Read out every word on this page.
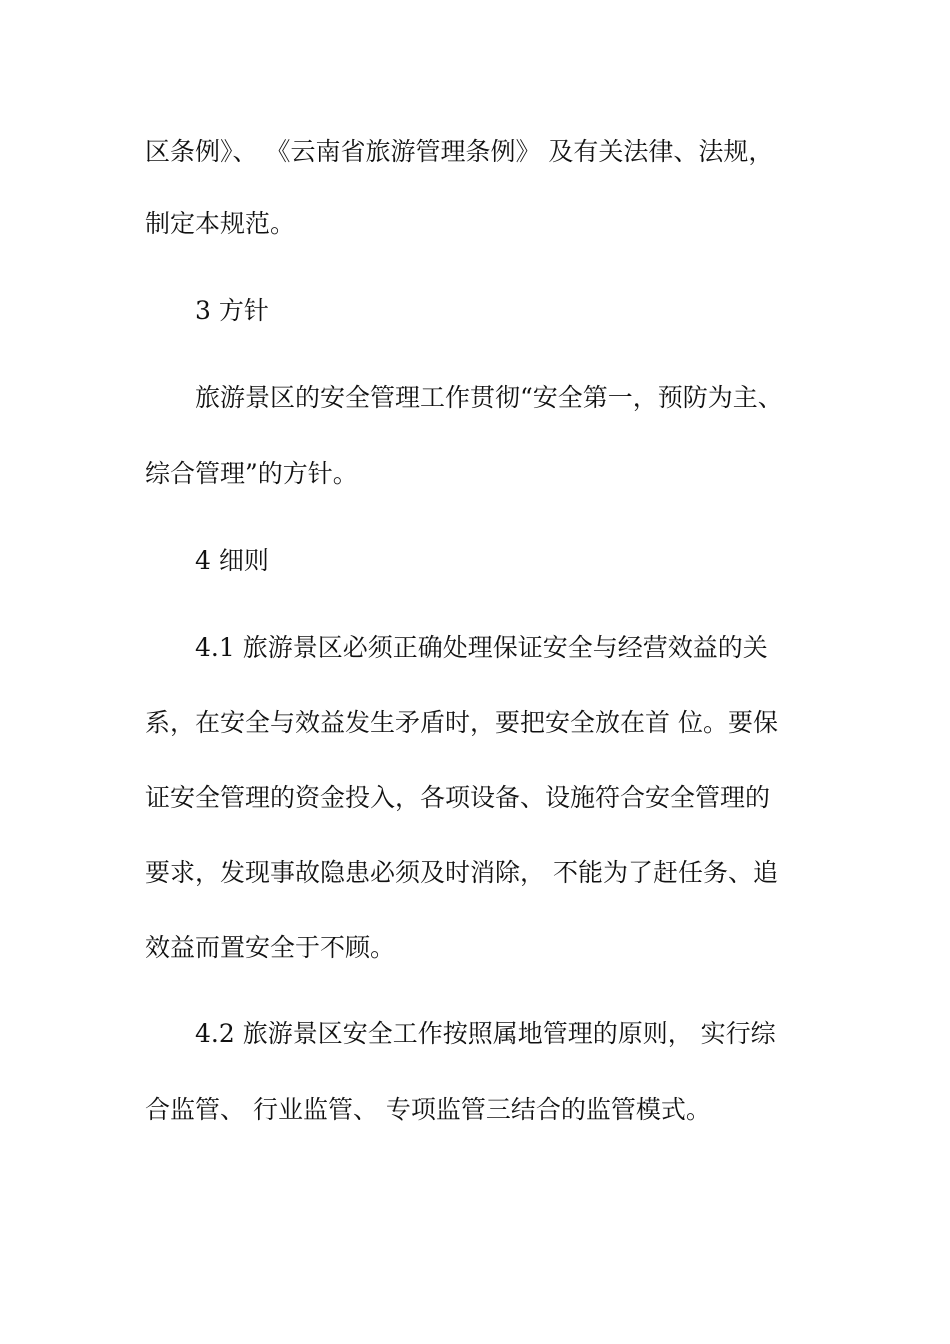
区条例》、 《云南省旅游管理条例》 及有关法律、法规，
制定本规范。
3 方针
旅游景区的安全管理工作贯彻“安全第一，预防为主、
综合管理”的方针。
4 细则
4.1 旅游景区必须正确处理保证安全与经营效益的关
系，在安全与效益发生矛盾时，要把安全放在首 位。要保
证安全管理的资金投入，各项设备、设施符合安全管理的
要求，发现事故隐患必须及时消除， 不能为了赶任务、追
效益而置安全于不顾。
4.2 旅游景区安全工作按照属地管理的原则， 实行综
合监管、 行业监管、 专项监管三结合的监管模式。
